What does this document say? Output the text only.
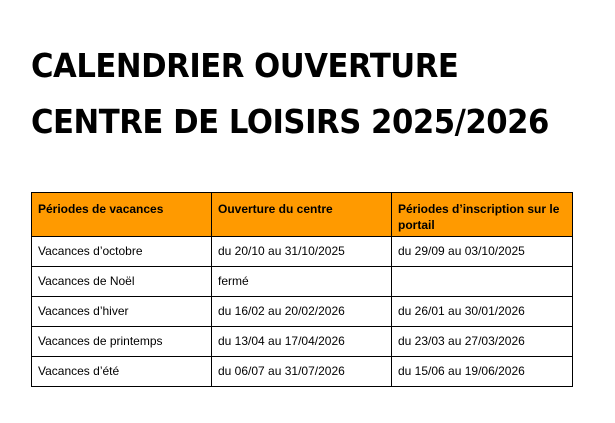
CALENDRIER OUVERTURE
CENTRE DE LOISIRS 2025/2026
Périodes de vacances	Ouverture du centre	Périodes d’inscription sur le portail
Vacances d’octobre	du 20/10 au 31/10/2025	du 29/09 au 03/10/2025
Vacances de Noël	fermé	
Vacances d’hiver	du 16/02 au 20/02/2026	du 26/01 au 30/01/2026
Vacances de printemps	du 13/04 au 17/04/2026	du 23/03 au 27/03/2026
Vacances d’été	du 06/07 au 31/07/2026	du 15/06 au 19/06/2026
